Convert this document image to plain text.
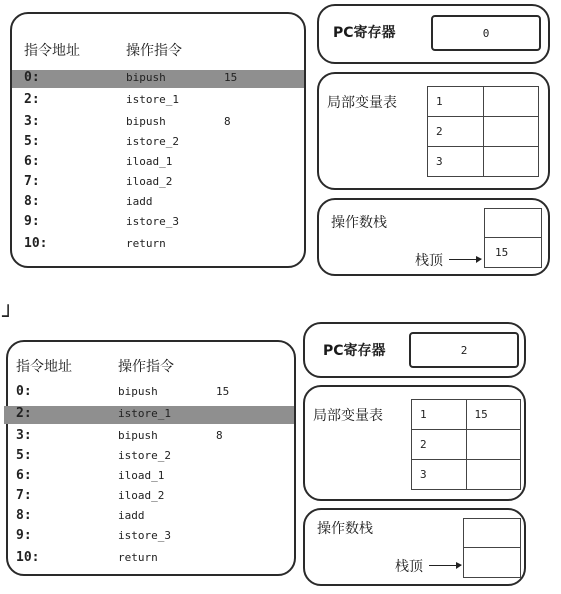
指令地址	操作指令
0:	bipush	15
2:	istore_1
3:	bipush	8
5:	istore_2
6:	iload_1
7:	iload_2
8:	iadd
9:	istore_3
10:	return
PC寄存器	0
局部变量表	1	
2	
3	
操作数栈
15
栈顶
┘
指令地址	操作指令
0:	bipush	15
2:	istore_1
3:	bipush	8
5:	istore_2
6:	iload_1
7:	iload_2
8:	iadd
9:	istore_3
10:	return
PC寄存器	2
局部变量表	1	15
2	
3	
操作数栈
栈顶
